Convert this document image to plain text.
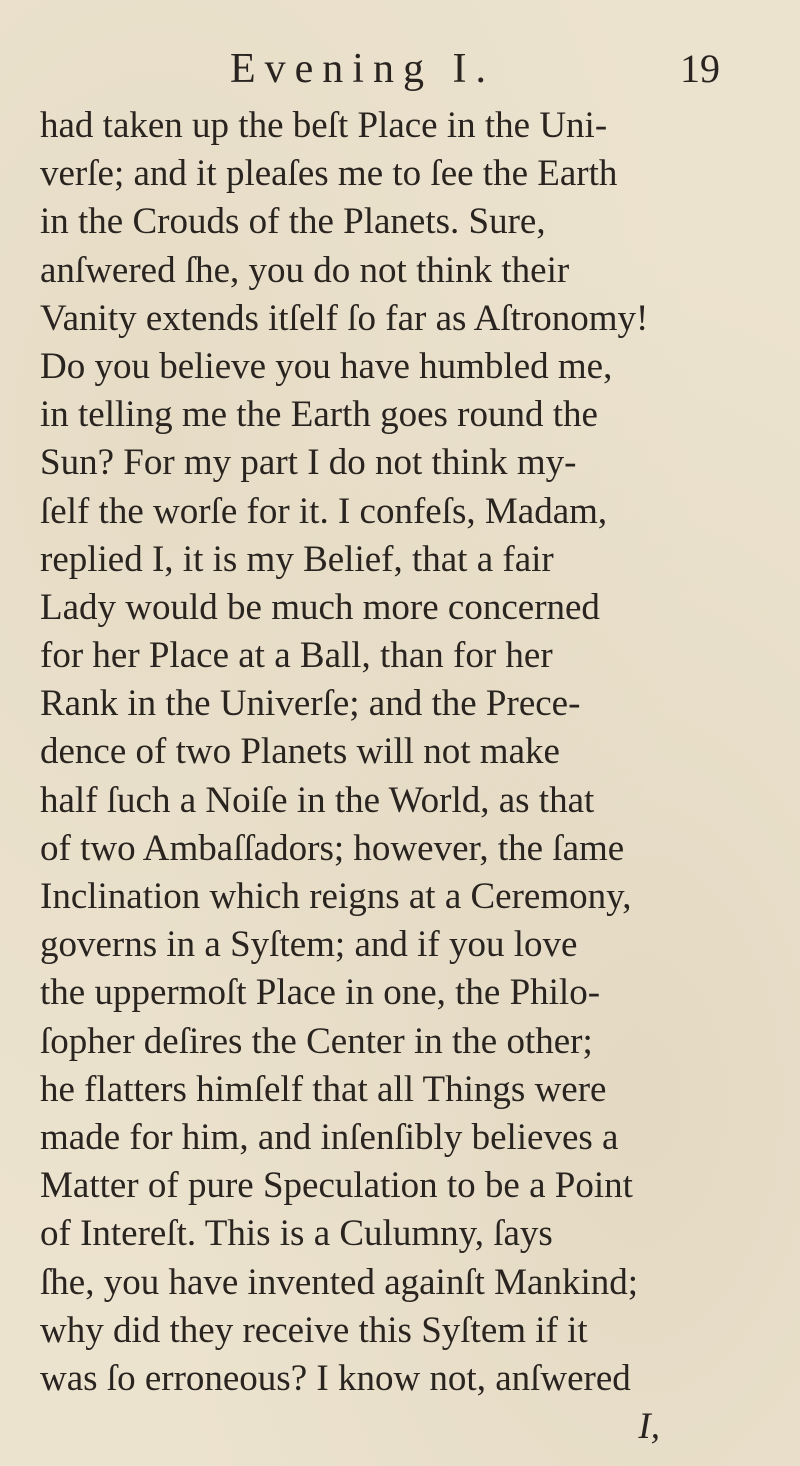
Evening I.	19
had taken up the beſt Place in the Uni-
verſe; and it pleaſes me to ſee the Earth
in the Crouds of the Planets. Sure,
anſwered ſhe, you do not think their
Vanity extends itſelf ſo far as Aſtronomy!
Do you believe you have humbled me,
in telling me the Earth goes round the
Sun? For my part I do not think my-
ſelf the worſe for it. I confeſs, Madam,
replied I, it is my Belief, that a fair
Lady would be much more concerned
for her Place at a Ball, than for her
Rank in the Univerſe; and the Prece-
dence of two Planets will not make
half ſuch a Noiſe in the World, as that
of two Ambaſſadors; however, the ſame
Inclination which reigns at a Ceremony,
governs in a Syſtem; and if you love
the uppermoſt Place in one, the Philo-
ſopher deſires the Center in the other;
he flatters himſelf that all Things were
made for him, and inſenſibly believes a
Matter of pure Speculation to be a Point
of Intereſt. This is a Culumny, ſays
ſhe, you have invented againſt Mankind;
why did they receive this Syſtem if it
was ſo erroneous? I know not, anſwered
I,
